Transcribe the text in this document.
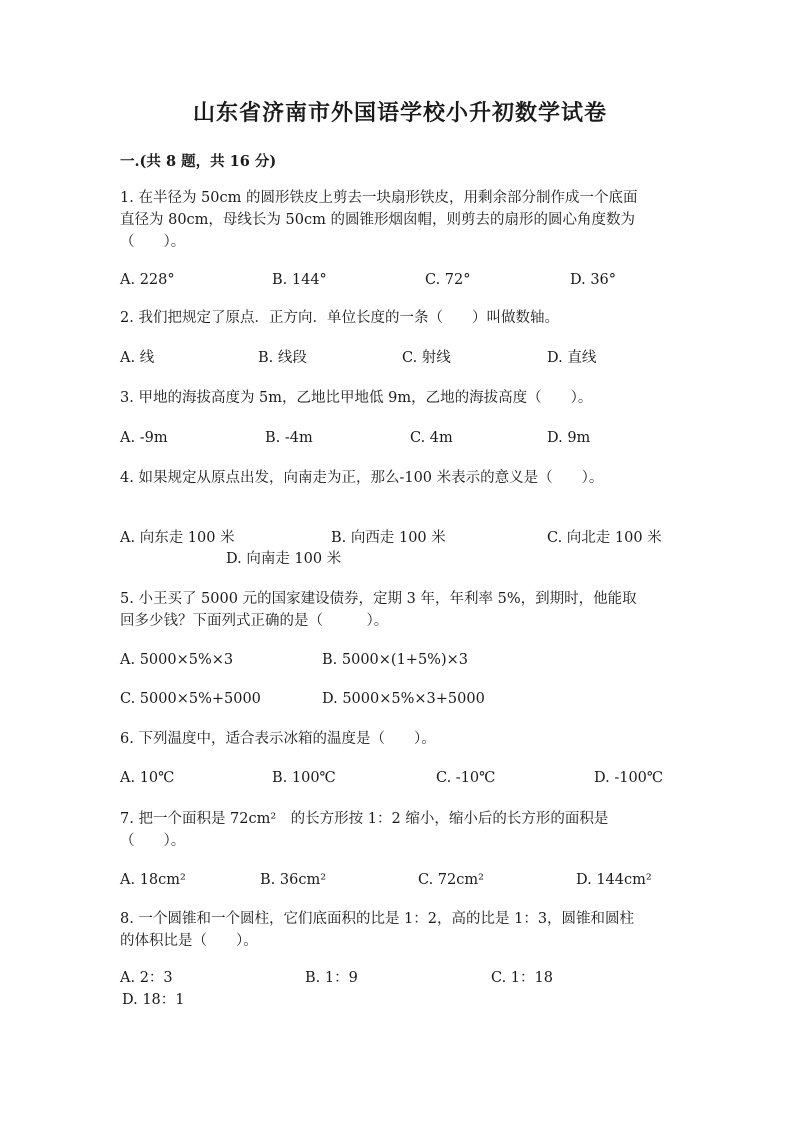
山东省济南市外国语学校小升初数学试卷
一.(共 8 题，共 16 分)
1. 在半径为 50cm 的圆形铁皮上剪去一块扇形铁皮，用剩余部分制作成一个底面
直径为 80cm，母线长为 50cm 的圆锥形烟囱帽，则剪去的扇形的圆心角度数为
（　　）。
A. 228°	B. 144°	C. 72°	D. 36°
2. 我们把规定了原点．正方向．单位长度的一条（　　）叫做数轴。
A. 线	B. 线段	C. 射线	D. 直线
3. 甲地的海拔高度为 5m，乙地比甲地低 9m，乙地的海拔高度（　　）。
A. -9m	B. -4m	C. 4m	D. 9m
4. 如果规定从原点出发，向南走为正，那么-100 米表示的意义是（　　）。
A. 向东走 100 米	B. 向西走 100 米	C. 向北走 100 米
D. 向南走 100 米
5. 小王买了 5000 元的国家建设债券，定期 3 年，年利率 5%，到期时，他能取
回多少钱？下面列式正确的是（　　　）。
A. 5000×5%×3	B. 5000×(1+5%)×3
C. 5000×5%+5000	D. 5000×5%×3+5000
6. 下列温度中，适合表示冰箱的温度是（　　）。
A. 10℃	B. 100℃	C. -10℃	D. -100℃
7. 把一个面积是 72cm²　的长方形按 1：2 缩小，缩小后的长方形的面积是
（　　）。
A. 18cm²	B. 36cm²	C. 72cm²	D. 144cm²
8. 一个圆锥和一个圆柱，它们底面积的比是 1：2，高的比是 1：3，圆锥和圆柱
的体积比是（　　）。
A. 2：3	B. 1：9	C. 1：18
D. 18：1
